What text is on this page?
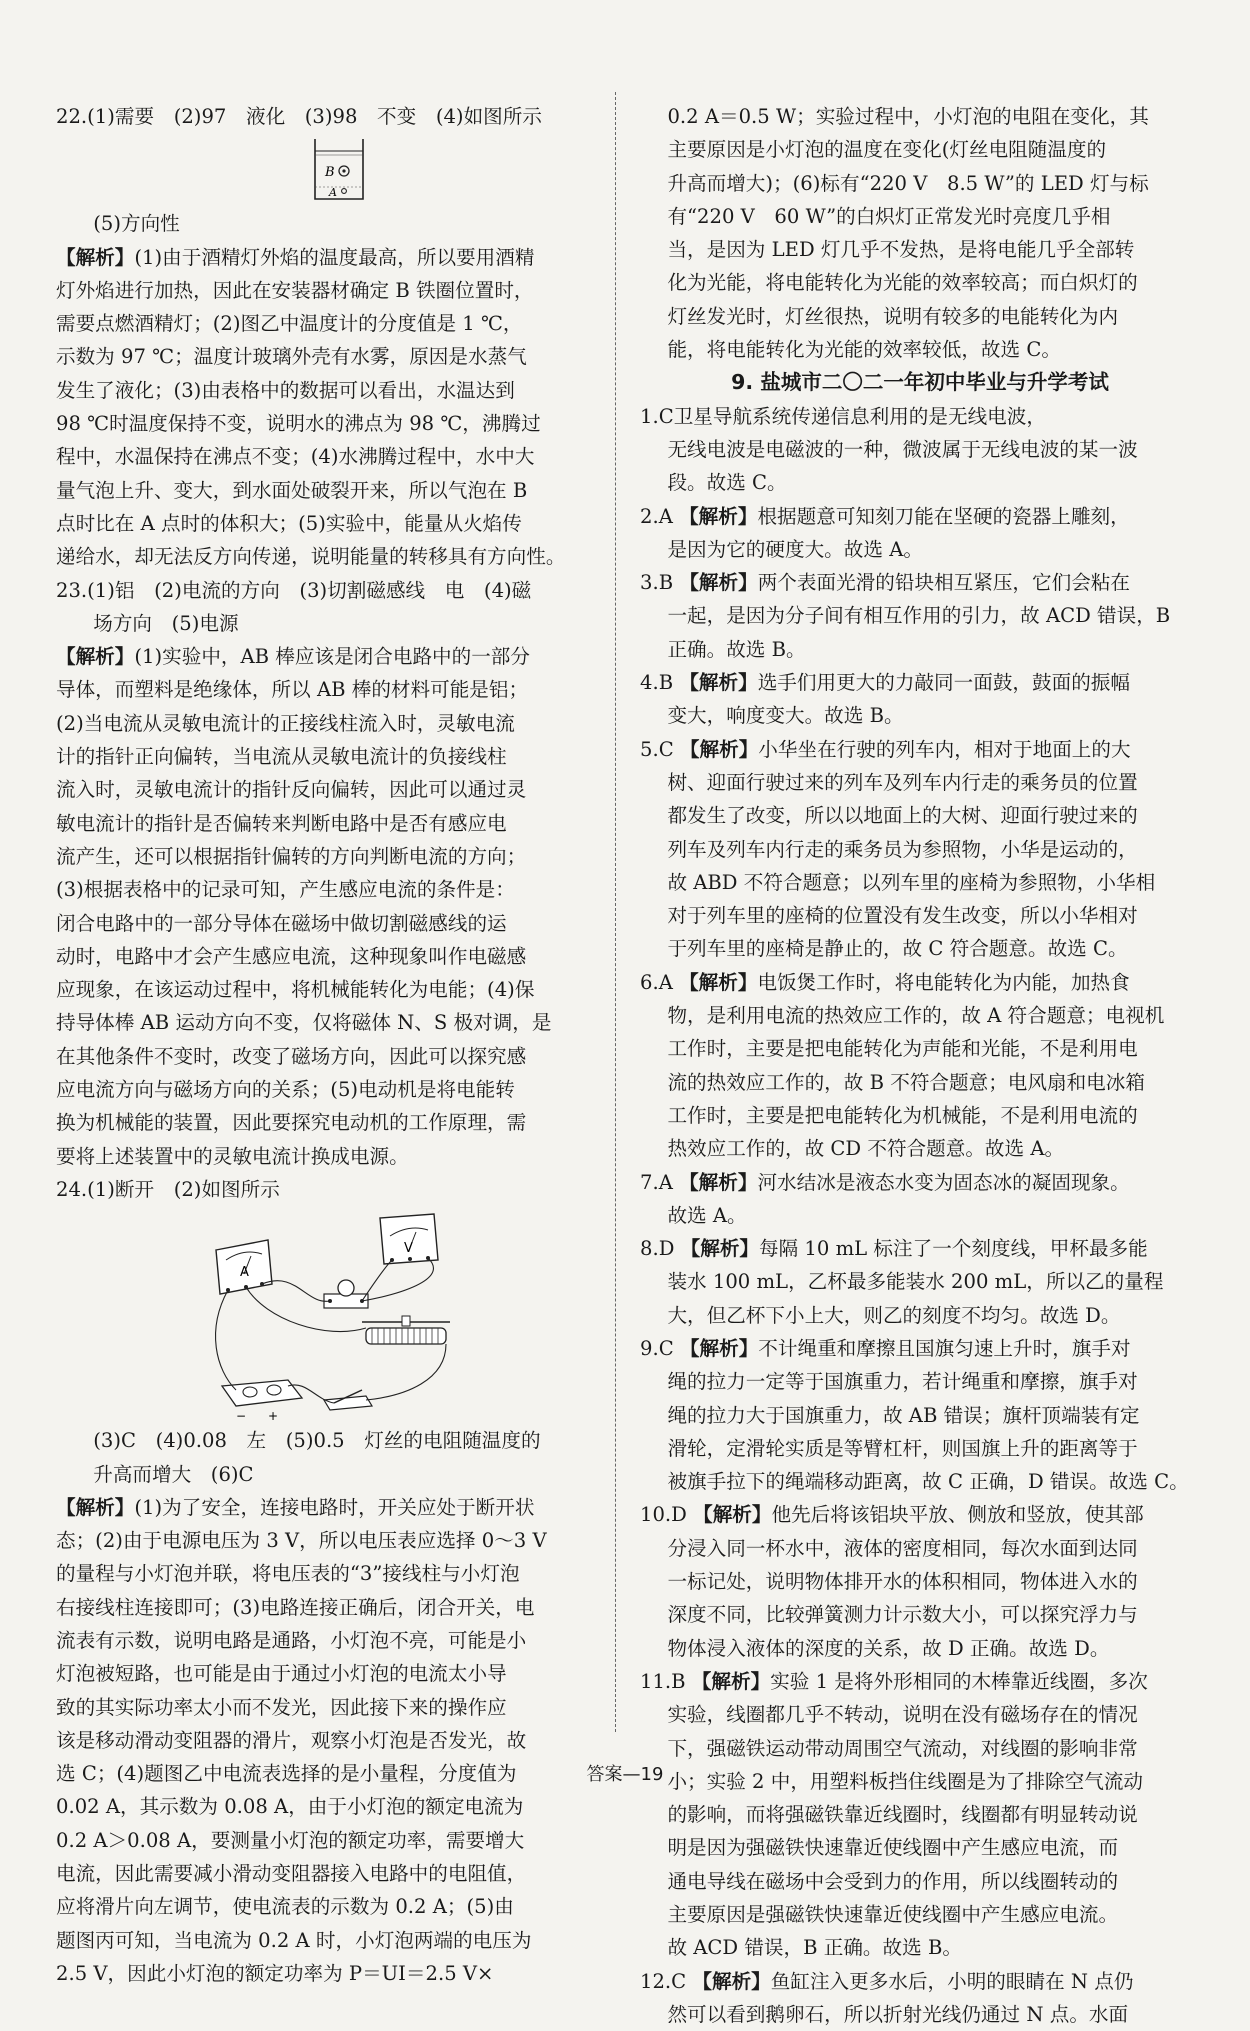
22.(1)需要　(2)97　液化　(3)98　不变　(4)如图所示

B
A

(5)方向性

【解析】(1)由于酒精灯外焰的温度最高，所以要用酒精

灯外焰进行加热，因此在安装器材确定 B 铁圈位置时，

需要点燃酒精灯；(2)图乙中温度计的分度值是 1 ℃，

示数为 97 ℃；温度计玻璃外壳有水雾，原因是水蒸气

发生了液化；(3)由表格中的数据可以看出，水温达到

98 ℃时温度保持不变，说明水的沸点为 98 ℃，沸腾过

程中，水温保持在沸点不变；(4)水沸腾过程中，水中大

量气泡上升、变大，到水面处破裂开来，所以气泡在 B

点时比在 A 点时的体积大；(5)实验中，能量从火焰传

递给水，却无法反方向传递，说明能量的转移具有方向性。

23.(1)铝　(2)电流的方向　(3)切割磁感线　电　(4)磁

场方向　(5)电源

【解析】(1)实验中，AB 棒应该是闭合电路中的一部分

导体，而塑料是绝缘体，所以 AB 棒的材料可能是铝；

(2)当电流从灵敏电流计的正接线柱流入时，灵敏电流

计的指针正向偏转，当电流从灵敏电流计的负接线柱

流入时，灵敏电流计的指针反向偏转，因此可以通过灵

敏电流计的指针是否偏转来判断电路中是否有感应电

流产生，还可以根据指针偏转的方向判断电流的方向；

(3)根据表格中的记录可知，产生感应电流的条件是：

闭合电路中的一部分导体在磁场中做切割磁感线的运

动时，电路中才会产生感应电流，这种现象叫作电磁感

应现象，在该运动过程中，将机械能转化为电能；(4)保

持导体棒 AB 运动方向不变，仅将磁体 N、S 极对调，是

在其他条件不变时，改变了磁场方向，因此可以探究感

应电流方向与磁场方向的关系；(5)电动机是将电能转

换为机械能的装置，因此要探究电动机的工作原理，需

要将上述装置中的灵敏电流计换成电源。

24.(1)断开　(2)如图所示

A
V
− +

(3)C　(4)0.08　左　(5)0.5　灯丝的电阻随温度的

升高而增大　(6)C

【解析】(1)为了安全，连接电路时，开关应处于断开状

态；(2)由于电源电压为 3 V，所以电压表应选择 0～3 V

的量程与小灯泡并联，将电压表的“3”接线柱与小灯泡

右接线柱连接即可；(3)电路连接正确后，闭合开关，电

流表有示数，说明电路是通路，小灯泡不亮，可能是小

灯泡被短路，也可能是由于通过小灯泡的电流太小导

致的其实际功率太小而不发光，因此接下来的操作应

该是移动滑动变阻器的滑片，观察小灯泡是否发光，故

选 C；(4)题图乙中电流表选择的是小量程，分度值为

0.02 A，其示数为 0.08 A，由于小灯泡的额定电流为

0.2 A＞0.08 A，要测量小灯泡的额定功率，需要增大

电流，因此需要减小滑动变阻器接入电路中的电阻值，

应将滑片向左调节，使电流表的示数为 0.2 A；(5)由

题图丙可知，当电流为 0.2 A 时，小灯泡两端的电压为

2.5 V，因此小灯泡的额定功率为 P＝UI＝2.5 V×

0.2 A＝0.5 W；实验过程中，小灯泡的电阻在变化，其

主要原因是小灯泡的温度在变化(灯丝电阻随温度的

升高而增大)；(6)标有“220 V　8.5 W”的 LED 灯与标

有“220 V　60 W”的白炽灯正常发光时亮度几乎相

当，是因为 LED 灯几乎不发热，是将电能几乎全部转

化为光能，将电能转化为光能的效率较高；而白炽灯的

灯丝发光时，灯丝很热，说明有较多的电能转化为内

能，将电能转化为光能的效率较低，故选 C。

9. 盐城市二〇二一年初中毕业与升学考试

1.C卫星导航系统传递信息利用的是无线电波，

无线电波是电磁波的一种，微波属于无线电波的某一波

段。故选 C。

2.A 【解析】根据题意可知刻刀能在坚硬的瓷器上雕刻，

是因为它的硬度大。故选 A。

3.B 【解析】两个表面光滑的铅块相互紧压，它们会粘在

一起，是因为分子间有相互作用的引力，故 ACD 错误，B

正确。故选 B。

4.B 【解析】选手们用更大的力敲同一面鼓，鼓面的振幅

变大，响度变大。故选 B。

5.C 【解析】小华坐在行驶的列车内，相对于地面上的大

树、迎面行驶过来的列车及列车内行走的乘务员的位置

都发生了改变，所以以地面上的大树、迎面行驶过来的

列车及列车内行走的乘务员为参照物，小华是运动的，

故 ABD 不符合题意；以列车里的座椅为参照物，小华相

对于列车里的座椅的位置没有发生改变，所以小华相对

于列车里的座椅是静止的，故 C 符合题意。故选 C。

6.A 【解析】电饭煲工作时，将电能转化为内能，加热食

物，是利用电流的热效应工作的，故 A 符合题意；电视机

工作时，主要是把电能转化为声能和光能，不是利用电

流的热效应工作的，故 B 不符合题意；电风扇和电冰箱

工作时，主要是把电能转化为机械能，不是利用电流的

热效应工作的，故 CD 不符合题意。故选 A。

7.A 【解析】河水结冰是液态水变为固态冰的凝固现象。

故选 A。

8.D 【解析】每隔 10 mL 标注了一个刻度线，甲杯最多能

装水 100 mL，乙杯最多能装水 200 mL，所以乙的量程

大，但乙杯下小上大，则乙的刻度不均匀。故选 D。

9.C 【解析】不计绳重和摩擦且国旗匀速上升时，旗手对

绳的拉力一定等于国旗重力，若计绳重和摩擦，旗手对

绳的拉力大于国旗重力，故 AB 错误；旗杆顶端装有定

滑轮，定滑轮实质是等臂杠杆，则国旗上升的距离等于

被旗手拉下的绳端移动距离，故 C 正确，D 错误。故选 C。

10.D 【解析】他先后将该铝块平放、侧放和竖放，使其部

分浸入同一杯水中，液体的密度相同，每次水面到达同

一标记处，说明物体排开水的体积相同，物体进入水的

深度不同，比较弹簧测力计示数大小，可以探究浮力与

物体浸入液体的深度的关系，故 D 正确。故选 D。

11.B 【解析】实验 1 是将外形相同的木棒靠近线圈，多次

实验，线圈都几乎不转动，说明在没有磁场存在的情况

下，强磁铁运动带动周围空气流动，对线圈的影响非常

小；实验 2 中，用塑料板挡住线圈是为了排除空气流动

的影响，而将强磁铁靠近线圈时，线圈都有明显转动说

明是因为强磁铁快速靠近使线圈中产生感应电流，而

通电导线在磁场中会受到力的作用，所以线圈转动的

主要原因是强磁铁快速靠近使线圈中产生感应电流。

故 ACD 错误，B 正确。故选 B。

12.C 【解析】鱼缸注入更多水后，小明的眼睛在 N 点仍

然可以看到鹅卵石，所以折射光线仍通过 N 点。水面

答案—19
